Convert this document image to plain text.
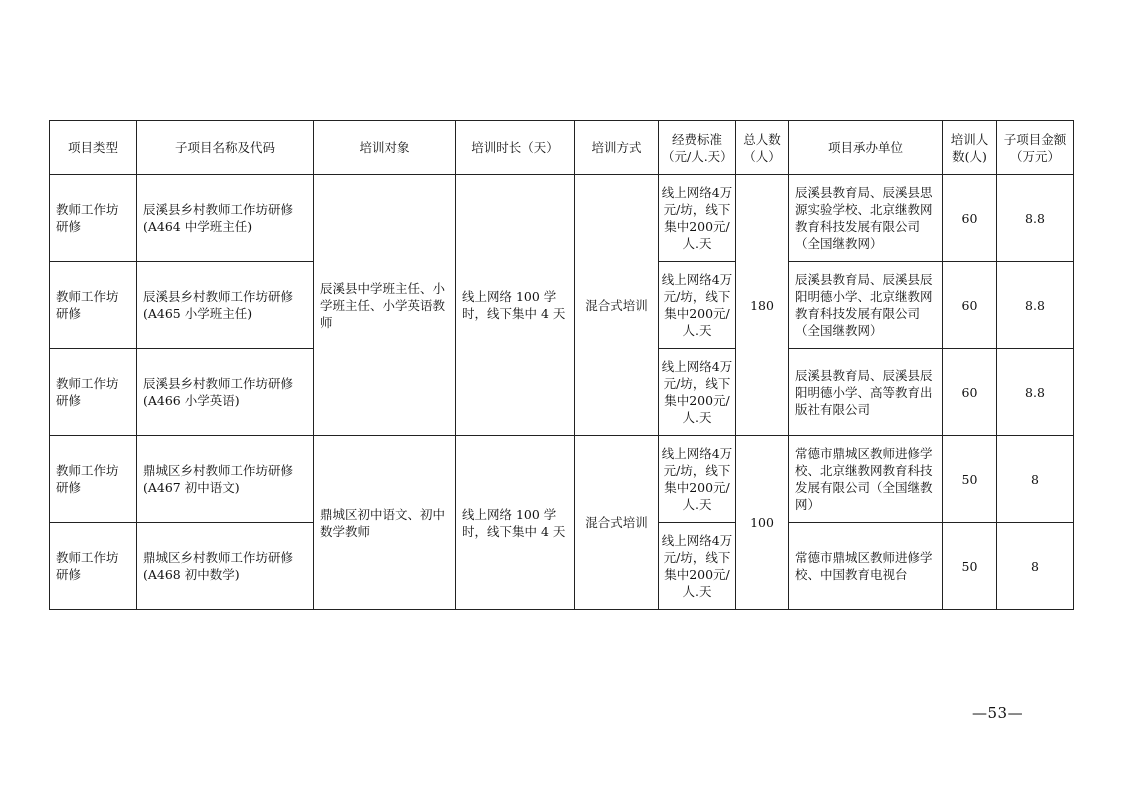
项目类型	子项目名称及代码	培训对象	培训时长（天）	培训方式	经费标准（元/人.天）	总人数（人）	项目承办单位	培训人数(人)	子项目金额（万元）
教师工作坊研修	辰溪县乡村教师工作坊研修(A464 中学班主任)	辰溪县中学班主任、小学班主任、小学英语教师	线上网络 100 学时，线下集中 4 天	混合式培训	线上网络4万元/坊，线下集中200元/人.天	180	辰溪县教育局、辰溪县思源实验学校、北京继教网教育科技发展有限公司（全国继教网）	60	8.8
教师工作坊研修	辰溪县乡村教师工作坊研修(A465 小学班主任)				线上网络4万元/坊，线下集中200元/人.天		辰溪县教育局、辰溪县辰阳明德小学、北京继教网教育科技发展有限公司（全国继教网）	60	8.8
教师工作坊研修	辰溪县乡村教师工作坊研修(A466 小学英语)				线上网络4万元/坊，线下集中200元/人.天		辰溪县教育局、辰溪县辰阳明德小学、高等教育出版社有限公司	60	8.8
教师工作坊研修	鼎城区乡村教师工作坊研修(A467 初中语文)	鼎城区初中语文、初中数学教师	线上网络 100 学时，线下集中 4 天	混合式培训	线上网络4万元/坊，线下集中200元/人.天	100	常德市鼎城区教师进修学校、北京继教网教育科技发展有限公司（全国继教网）	50	8
教师工作坊研修	鼎城区乡村教师工作坊研修(A468 初中数学)				线上网络4万元/坊，线下集中200元/人.天		常德市鼎城区教师进修学校、中国教育电视台	50	8
—53—
